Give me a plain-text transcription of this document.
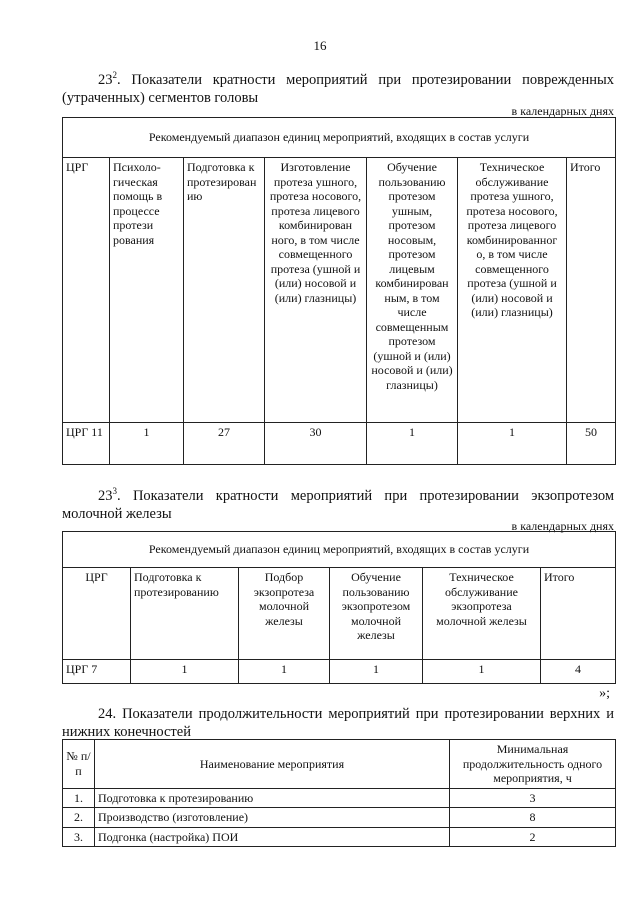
16
$23^2$. Показатели кратности мероприятий при протезировании поврежденных (утраченных) сегментов головы
в календарных днях
Рекомендуемый диапазон единиц мероприятий, входящих в состав услуги						
ЦРГ	Психоло-гическая помощь в процессе протези рования	Подготовка к протезирован ию	Изготовление протеза ушного, протеза носового, протеза лицевого комбинирован ного, в том числе совмещенного протеза (ушной и (или) носовой и (или) глазницы)	Обучение пользованию протезом ушным, протезом носовым, протезом лицевым комбинирован ным, в том числе совмещенным протезом (ушной и (или) носовой и (или) глазницы)	Техническое обслуживание протеза ушного, протеза носового, протеза лицевого комбинированног о, в том числе совмещенного протеза (ушной и (или) носовой и (или) глазницы)	Итого
ЦРГ 11	1	27	30	1	1	50
$23^3$. Показатели кратности мероприятий при протезировании экзопротезом молочной железы
в календарных днях
Рекомендуемый диапазон единиц мероприятий, входящих в состав услуги					
ЦРГ	Подготовка к протезированию	Подбор экзопротеза молочной железы	Обучение пользованию экзопротезом молочной железы	Техническое обслуживание экзопротеза молочной железы	Итого
ЦРГ 7	1	1	1	1	4
»;
24. Показатели продолжительности мероприятий при протезировании верхних и нижних конечностей
№ п/п	Наименование мероприятия	Минимальная продолжительность одного мероприятия, ч
1.	Подготовка к протезированию	3
2.	Производство (изготовление)	8
3.	Подгонка (настройка) ПОИ	2
